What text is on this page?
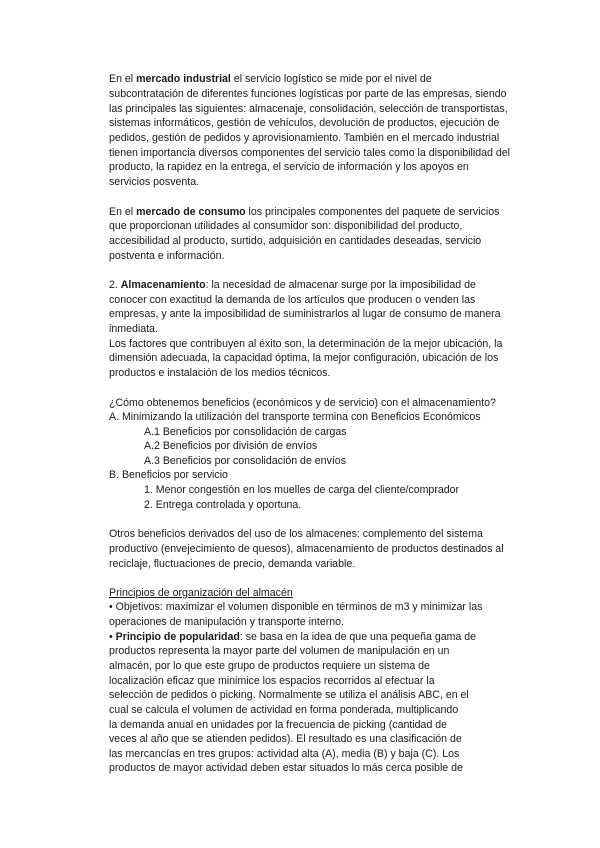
En el mercado industrial el servicio logístico se mide por el nivel de
subcontratación de diferentes funciones logísticas por parte de las empresas, siendo
las principales las siguientes: almacenaje, consolidación, selección de transportistas,
sistemas informáticos, gestión de vehículos, devolución de productos, ejecución de
pedidos, gestión de pedidos y aprovisionamiento. También en el mercado industrial
tienen importancia diversos componentes del servicio tales como la disponibilidad del
producto, la rapidez en la entrega, el servicio de información y los apoyos en
servicios posventa.
En el mercado de consumo los principales componentes del paquete de servicios
que proporcionan utilidades al consumidor son: disponibilidad del producto,
accesibilidad al producto, surtido, adquisición en cantidades deseadas, servicio
postventa e información.
2. Almacenamiento: la necesidad de almacenar surge por la imposibilidad de
conocer con exactitud la demanda de los artículos que producen o venden las
empresas, y ante la imposibilidad de suministrarlos al lugar de consumo de manera
inmediata.
Los factores que contribuyen al éxito son, la determinación de la mejor ubicación, la
dimensión adecuada, la capacidad óptima, la mejor configuración, ubicación de los
productos e instalación de los medios técnicos.
¿Cómo obtenemos beneficios (económicos y de servicio) con el almacenamiento?
A. Minimizando la utilización del transporte termina con Beneficios Económicos
A.1 Beneficios por consolidación de cargas
A.2 Beneficios por división de envíos
A.3 Beneficios por consolidación de envíos
B. Beneficios por servicio
1. Menor congestión en los muelles de carga del cliente/comprador
2. Entrega controlada y oportuna.
Otros beneficios derivados del uso de los almacenes: complemento del sistema
productivo (envejecimiento de quesos), almacenamiento de productos destinados al
reciclaje, fluctuaciones de precio, demanda variable.
Principios de organización del almacén
• Objetivos: maximizar el volumen disponible en términos de m3 y minimizar las
operaciones de manipulación y transporte interno.
• Principio de popularidad: se basa en la idea de que una pequeña gama de
productos representa la mayor parte del volumen de manipulación en un
almacén, por lo que este grupo de productos requiere un sistema de
localización eficaz que minimice los espacios recorridos al efectuar la
selección de pedidos o picking. Normalmente se utiliza el análisis ABC, en el
cual se calcula el volumen de actividad en forma ponderada, multiplicando
la demanda anual en unidades por la frecuencia de picking (cantidad de
veces al año que se atienden pedidos). El resultado es una clasificación de
las mercancías en tres grupos: actividad alta (A), media (B) y baja (C). Los
productos de mayor actividad deben estar situados lo más cerca posible de
